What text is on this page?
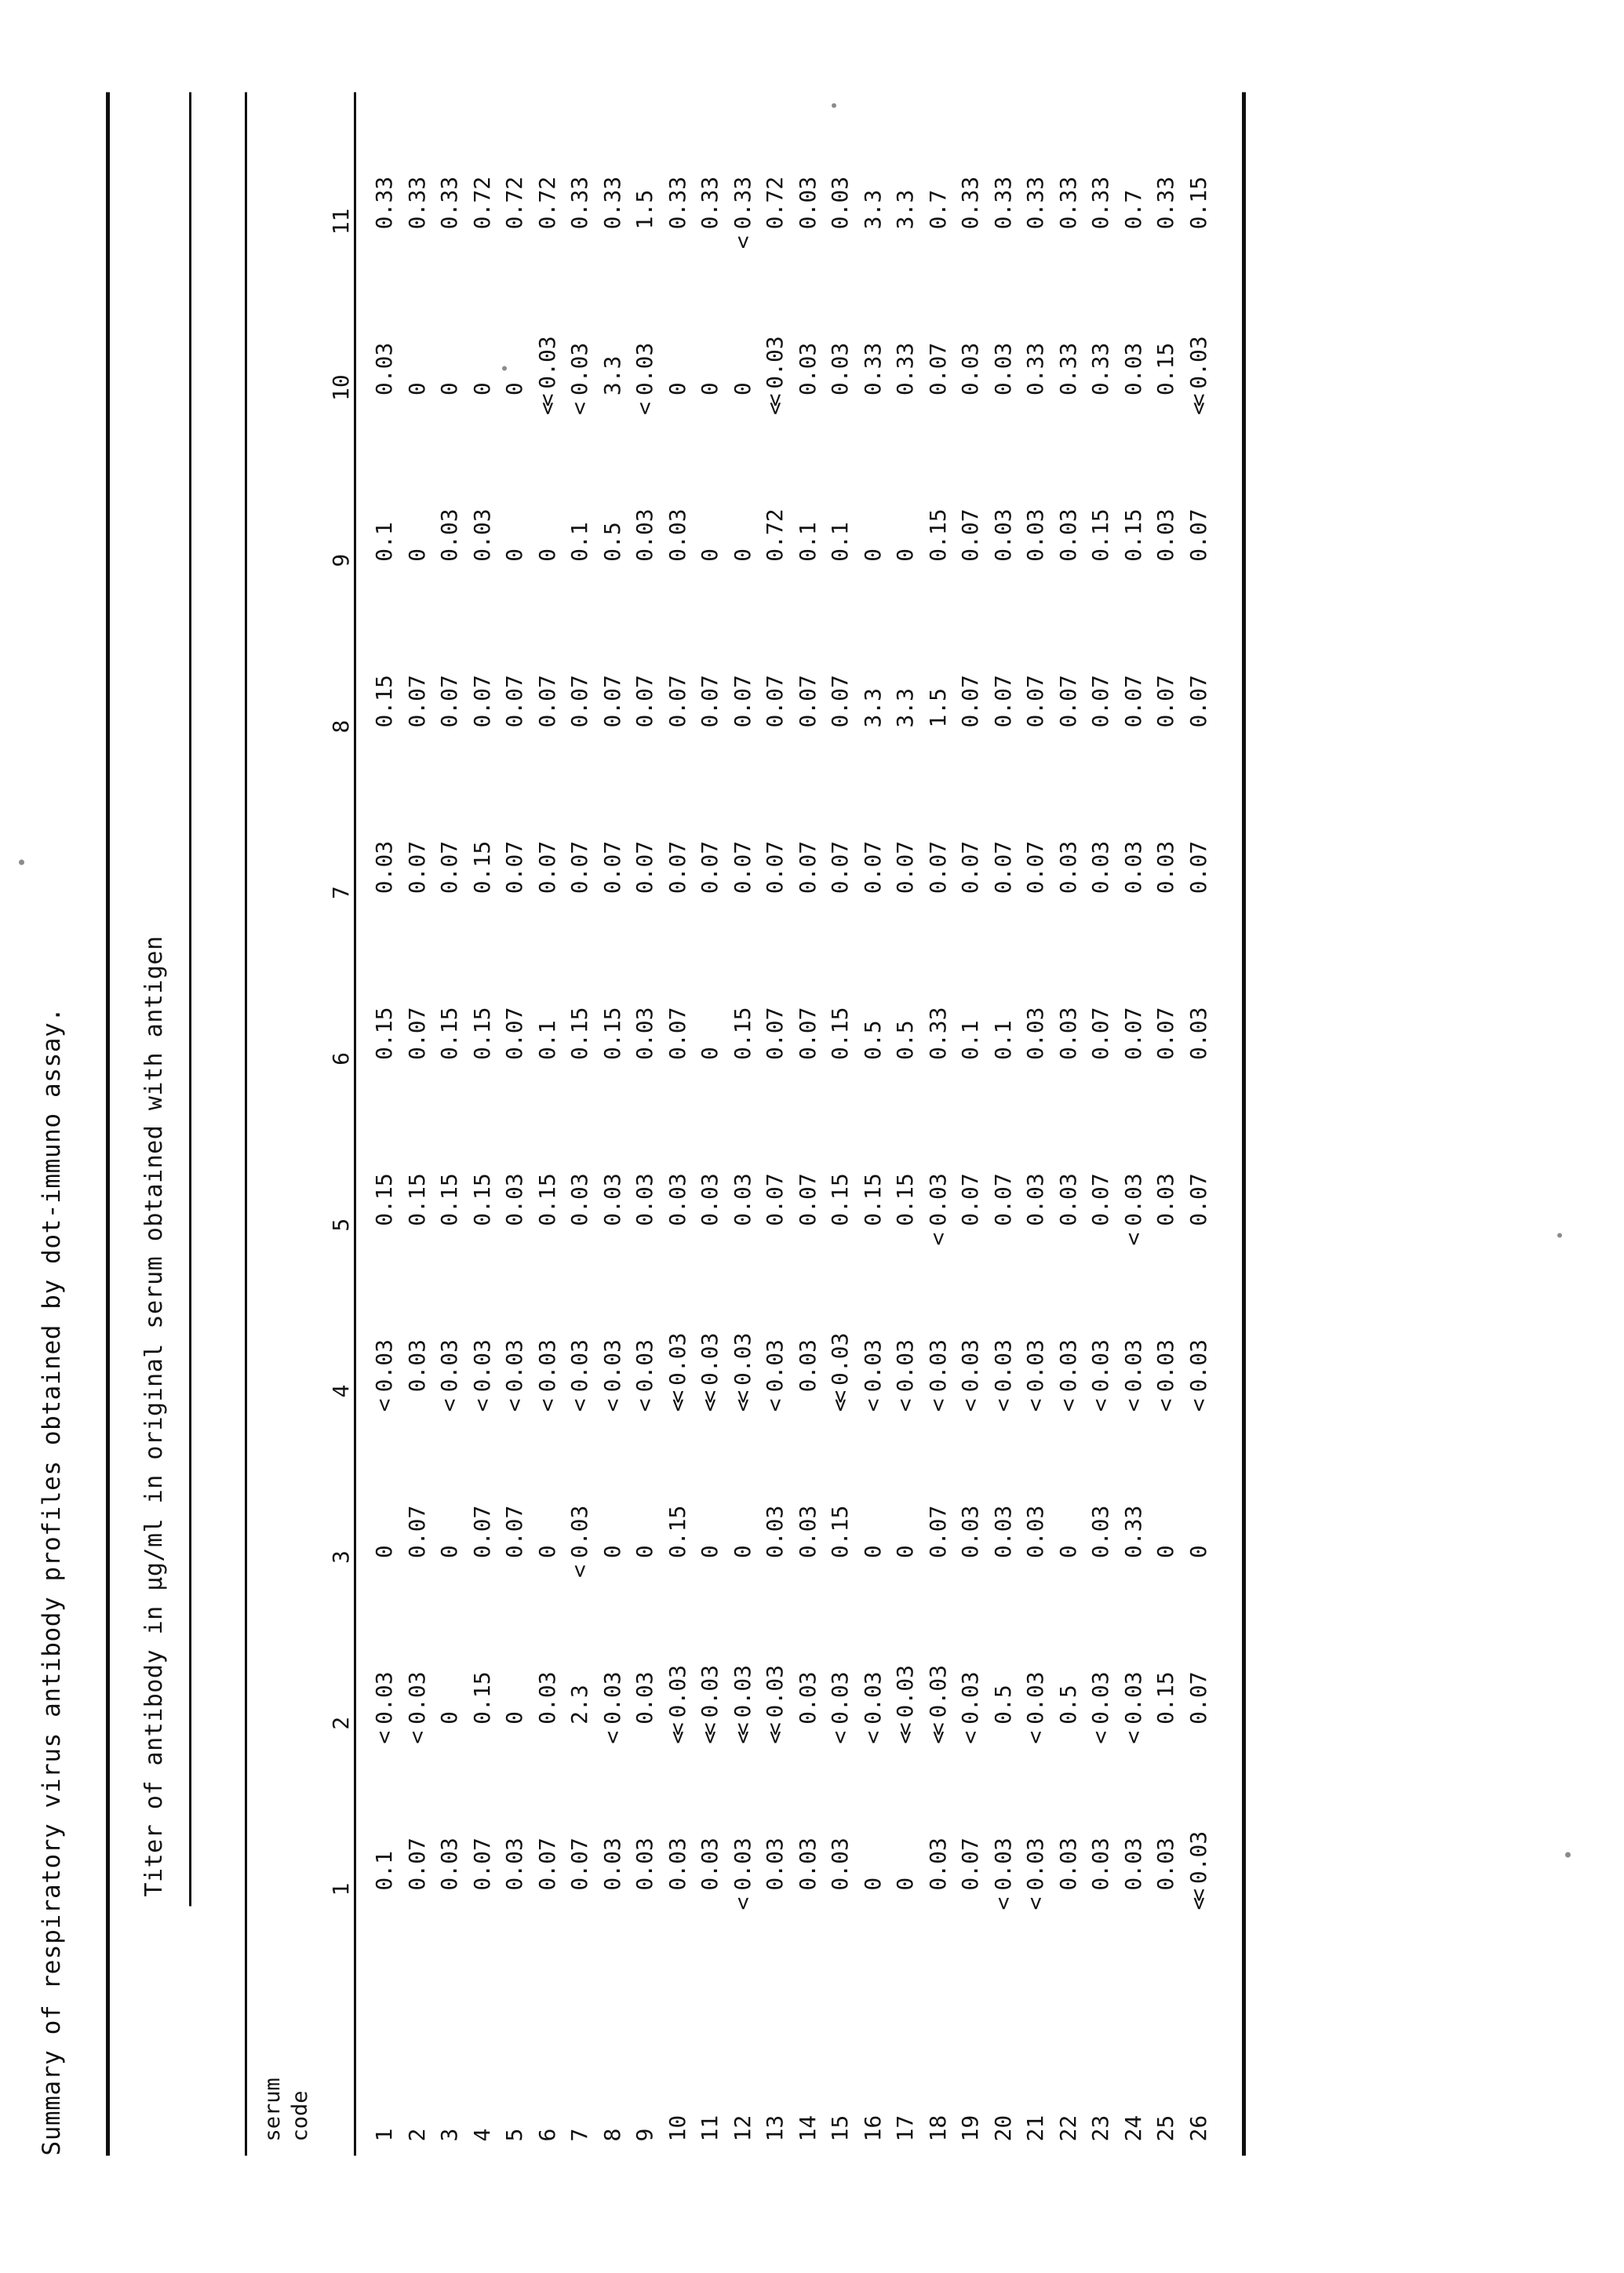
Summary of respiratory virus antibody profiles obtained by dot-immuno assay.	Titer of antibody in µg/ml in original serum obtained with antigen
serum
code
	1	2	3	4	5	6	7	8	9	10	11
1	0.1	<0.03	0	<0.03	0.15	0.15	0.03	0.15	0.1	0.03	0.33
2	0.07	<0.03	0.07	0.03	0.15	0.07	0.07	0.07	0	0	0.33
3	0.03	0	0	<0.03	0.15	0.15	0.07	0.07	0.03	0	0.33
4	0.07	0.15	0.07	<0.03	0.15	0.15	0.15	0.07	0.03	0	0.72
5	0.03	0	0.07	<0.03	0.03	0.07	0.07	0.07	0	0	0.72
6	0.07	0.03	0	<0.03	0.15	0.1	0.07	0.07	0	<<0.03	0.72
7	0.07	2.3	<0.03	<0.03	0.03	0.15	0.07	0.07	0.1	<0.03	0.33
8	0.03	<0.03	0	<0.03	0.03	0.15	0.07	0.07	0.5	3.3	0.33
9	0.03	0.03	0	<0.03	0.03	0.03	0.07	0.07	0.03	<0.03	1.5
10	0.03	<<0.03	0.15	<<0.03	0.03	0.07	0.07	0.07	0.03	0	0.33
11	0.03	<<0.03	0	<<0.03	0.03	0	0.07	0.07	0	0	0.33
12	<0.03	<<0.03	0	<<0.03	0.03	0.15	0.07	0.07	0	0	<0.33
13	0.03	<<0.03	0.03	<0.03	0.07	0.07	0.07	0.07	0.72	<<0.03	0.72
14	0.03	0.03	0.03	0.03	0.07	0.07	0.07	0.07	0.1	0.03	0.03
15	0.03	<0.03	0.15	<<0.03	0.15	0.15	0.07	0.07	0.1	0.03	0.03
16	0	<0.03	0	<0.03	0.15	0.5	0.07	3.3	0	0.33	3.3
17	0	<<0.03	0	<0.03	0.15	0.5	0.07	3.3	0	0.33	3.3
18	0.03	<<0.03	0.07	<0.03	<0.03	0.33	0.07	1.5	0.15	0.07	0.7
19	0.07	<0.03	0.03	<0.03	0.07	0.1	0.07	0.07	0.07	0.03	0.33
20	<0.03	0.5	0.03	<0.03	0.07	0.1	0.07	0.07	0.03	0.03	0.33
21	<0.03	<0.03	0.03	<0.03	0.03	0.03	0.07	0.07	0.03	0.33	0.33
22	0.03	0.5	0	<0.03	0.03	0.03	0.03	0.07	0.03	0.33	0.33
23	0.03	<0.03	0.03	<0.03	0.07	0.07	0.03	0.07	0.15	0.33	0.33
24	0.03	<0.03	0.33	<0.03	<0.03	0.07	0.03	0.07	0.15	0.03	0.7
25	0.03	0.15	0	<0.03	0.03	0.07	0.03	0.07	0.03	0.15	0.33
26	<<0.03	0.07	0	<0.03	0.07	0.03	0.07	0.07	0.07	<<0.03	0.15
